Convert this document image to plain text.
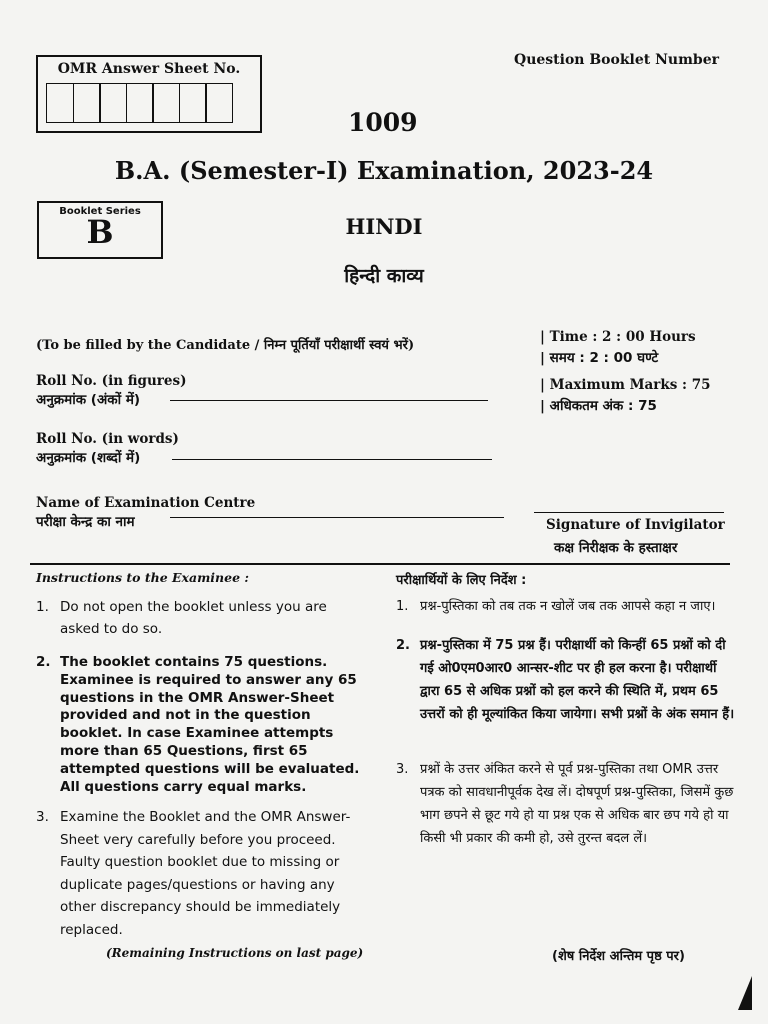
OMR Answer Sheet No.
Question Booklet Number
1009
B.A. (Semester-I) Examination, 2023-24
Booklet Series
B	HINDI
हिन्दी काव्य
(To be filled by the Candidate / निम्न पूर्तियाँ परीक्षार्थी स्वयं भरें)
| Time : 2 : 00 Hours
| समय : 2 : 00 घण्टे
| Maximum Marks : 75
| अधिकतम अंक : 75
Roll No. (in figures)
अनुक्रमांक (अंकों में)
Roll No. (in words)
अनुक्रमांक (शब्दों में)
Name of Examination Centre
परीक्षा केन्द्र का नाम	Signature of Invigilator
कक्ष निरीक्षक के हस्ताक्षर
Instructions to the Examinee :	परीक्षार्थियों के लिए निर्देश :
1. Do not open the booklet unless you are asked to do so.
2. The booklet contains 75 questions. Examinee is required to answer any 65 questions in the OMR Answer-Sheet provided and not in the question booklet. In case Examinee attempts more than 65 Questions, first 65 attempted questions will be evaluated. All questions carry equal marks.
3. Examine the Booklet and the OMR Answer-Sheet very carefully before you proceed. Faulty question booklet due to missing or duplicate pages/questions or having any other discrepancy should be immediately replaced.
1. प्रश्न-पुस्तिका को तब तक न खोलें जब तक आपसे कहा न जाए।
2. प्रश्न-पुस्तिका में 75 प्रश्न हैं। परीक्षार्थी को किन्हीं 65 प्रश्नों को दी गई ओ0एम0आर0 आन्सर-शीट पर ही हल करना है। परीक्षार्थी द्वारा 65 से अधिक प्रश्नों को हल करने की स्थिति में, प्रथम 65 उत्तरों को ही मूल्यांकित किया जायेगा। सभी प्रश्नों के अंक समान हैं।
3. प्रश्नों के उत्तर अंकित करने से पूर्व प्रश्न-पुस्तिका तथा OMR उत्तर पत्रक को सावधानीपूर्वक देख लें। दोषपूर्ण प्रश्न-पुस्तिका, जिसमें कुछ भाग छपने से छूट गये हो या प्रश्न एक से अधिक बार छप गये हो या किसी भी प्रकार की कमी हो, उसे तुरन्त बदल लें।
(Remaining Instructions on last page)	(शेष निर्देश अन्तिम पृष्ठ पर)
